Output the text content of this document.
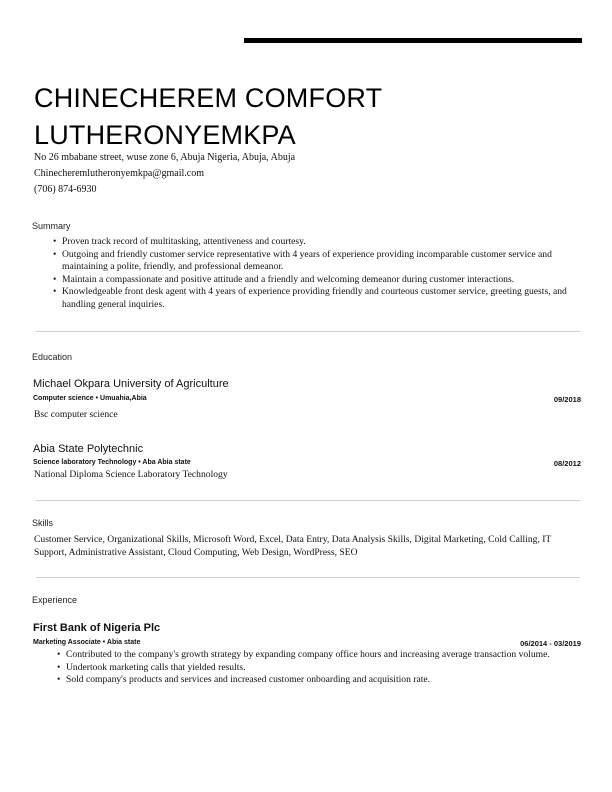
CHINECHEREM COMFORT
LUTHERONYEMKPA
No 26 mbabane street, wuse zone 6, Abuja Nigeria, Abuja, Abuja
Chinecheremlutheronyemkpa@gmail.com
(706) 874-6930
Summary
• Proven track record of multitasking, attentiveness and courtesy.
• Outgoing and friendly customer service representative with 4 years of experience providing incomparable customer service and maintaining a polite, friendly, and professional demeanor.
• Maintain a compassionate and positive attitude and a friendly and welcoming demeanor during customer interactions.
• Knowledgeable front desk agent with 4 years of experience providing friendly and courteous customer service, greeting guests, and handling general inquiries.
Education
Michael Okpara University of Agriculture
Computer science • Umuahia,Abia	09/2018
Bsc computer science
Abia State Polytechnic
Science laboratory Technology • Aba Abia state	08/2012
National Diploma Science Laboratory Technology
Skills
Customer Service, Organizational Skills, Microsoft Word, Excel, Data Entry, Data Analysis Skills, Digital Marketing, Cold Calling, IT Support, Administrative Assistant, Cloud Computing, Web Design, WordPress, SEO
Experience
First Bank of Nigeria Plc
Marketing Associate • Abia state	06/2014 - 03/2019
• Contributed to the company's growth strategy by expanding company office hours and increasing average transaction volume.
• Undertook marketing calls that yielded results.
• Sold company's products and services and increased customer onboarding and acquisition rate.
